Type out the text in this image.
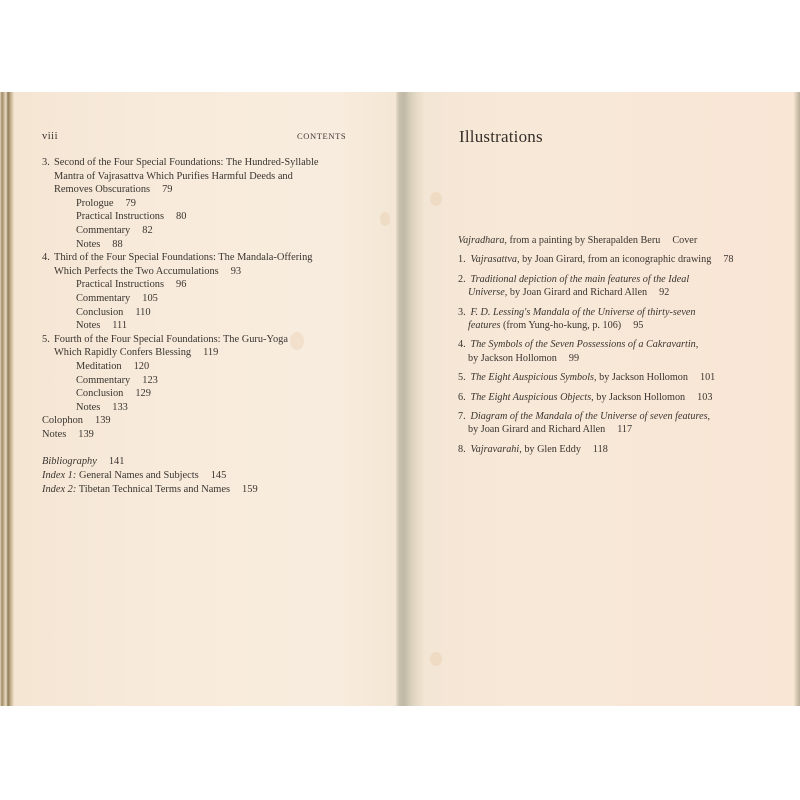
viii	CONTENTS
3. Second of the Four Special Foundations: The Hundred-Syllable
Mantra of Vajrasattva Which Purifies Harmful Deeds and
Removes Obscurations 79
Prologue 79
Practical Instructions 80
Commentary 82
Notes 88
4. Third of the Four Special Foundations: The Mandala-Offering
Which Perfects the Two Accumulations 93
Practical Instructions 96
Commentary 105
Conclusion 110
Notes 111
5. Fourth of the Four Special Foundations: The Guru-Yoga
Which Rapidly Confers Blessing 119
Meditation 120
Commentary 123
Conclusion 129
Notes 133
Colophon 139
Notes 139
Bibliography 141
Index 1: General Names and Subjects 145
Index 2: Tibetan Technical Terms and Names 159
Illustrations
Vajradhara, from a painting by Sherapalden Beru Cover
1. Vajrasattva, by Joan Girard, from an iconographic drawing 78
2. Traditional depiction of the main features of the Ideal
Universe, by Joan Girard and Richard Allen 92
3. F. D. Lessing's Mandala of the Universe of thirty-seven
features (from Yung-ho-kung, p. 106) 95
4. The Symbols of the Seven Possessions of a Cakravartin,
by Jackson Hollomon 99
5. The Eight Auspicious Symbols, by Jackson Hollomon 101
6. The Eight Auspicious Objects, by Jackson Hollomon 103
7. Diagram of the Mandala of the Universe of seven features,
by Joan Girard and Richard Allen 117
8. Vajravarahi, by Glen Eddy 118
